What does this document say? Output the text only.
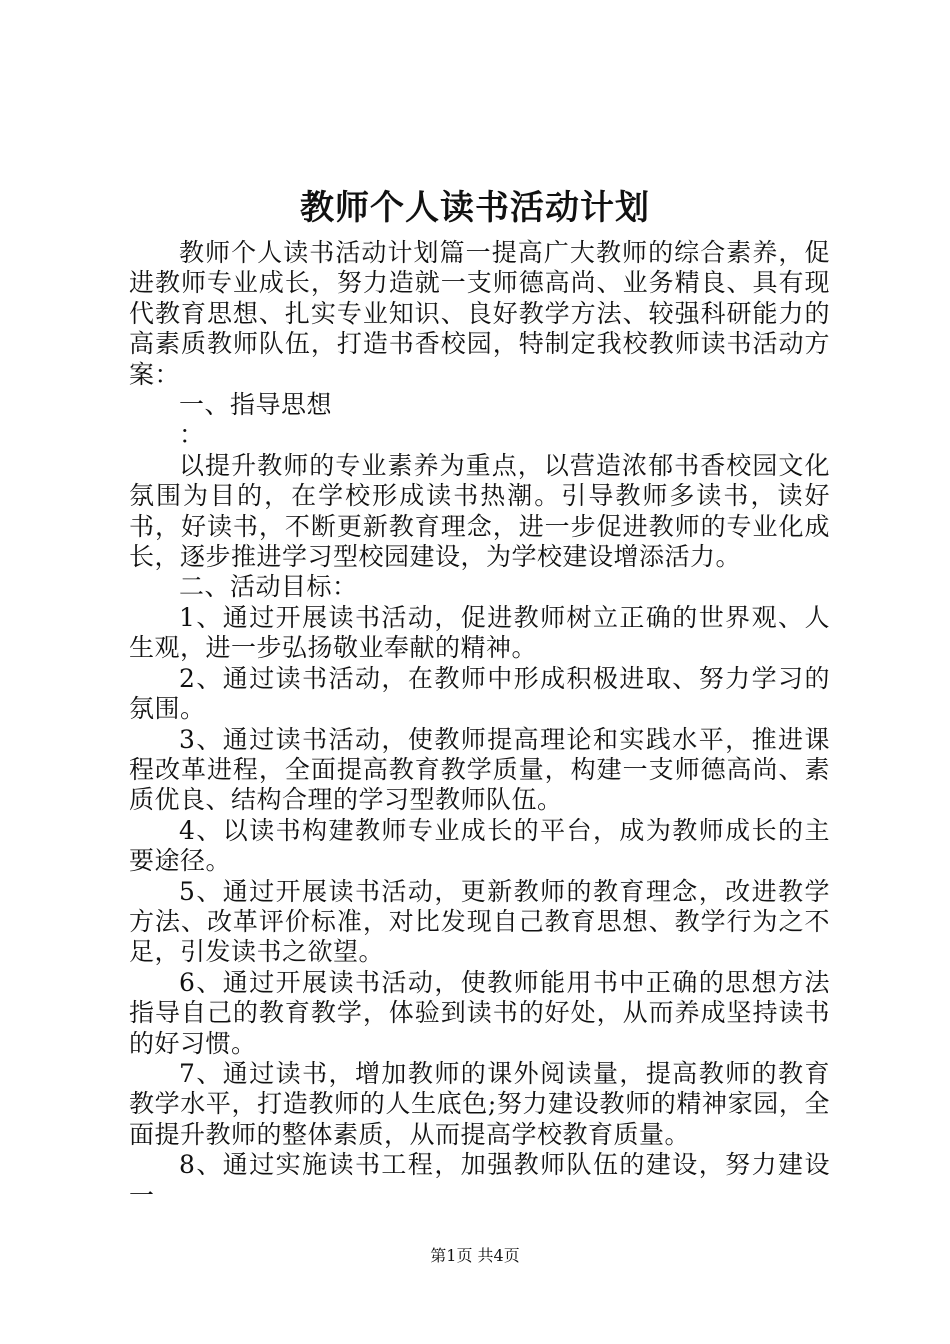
教师个人读书活动计划

教师个人读书活动计划篇一提高广大教师的综合素养，促进教师专业成长，努力造就一支师德高尚、业务精良、具有现代教育思想、扎实专业知识、良好教学方法、较强科研能力的高素质教师队伍，打造书香校园，特制定我校教师读书活动方案：

一、指导思想

：

以提升教师的专业素养为重点，以营造浓郁书香校园文化氛围为目的，在学校形成读书热潮。引导教师多读书，读好书，好读书，不断更新教育理念，进一步促进教师的专业化成长，逐步推进学习型校园建设，为学校建设增添活力。

二、活动目标：

1、通过开展读书活动，促进教师树立正确的世界观、人生观，进一步弘扬敬业奉献的精神。

2、通过读书活动，在教师中形成积极进取、努力学习的氛围。

3、通过读书活动，使教师提高理论和实践水平，推进课程改革进程，全面提高教育教学质量，构建一支师德高尚、素质优良、结构合理的学习型教师队伍。

4、以读书构建教师专业成长的平台，成为教师成长的主要途径。

5、通过开展读书活动，更新教师的教育理念，改进教学方法、改革评价标准，对比发现自己教育思想、教学行为之不足，引发读书之欲望。

6、通过开展读书活动，使教师能用书中正确的思想方法指导自己的教育教学，体验到读书的好处，从而养成坚持读书的好习惯。

7、通过读书，增加教师的课外阅读量，提高教师的教育教学水平，打造教师的人生底色;努力建设教师的精神家园，全面提升教师的整体素质，从而提高学校教育质量。

8、通过实施读书工程，加强教师队伍的建设，努力建设一

第1页 共4页
